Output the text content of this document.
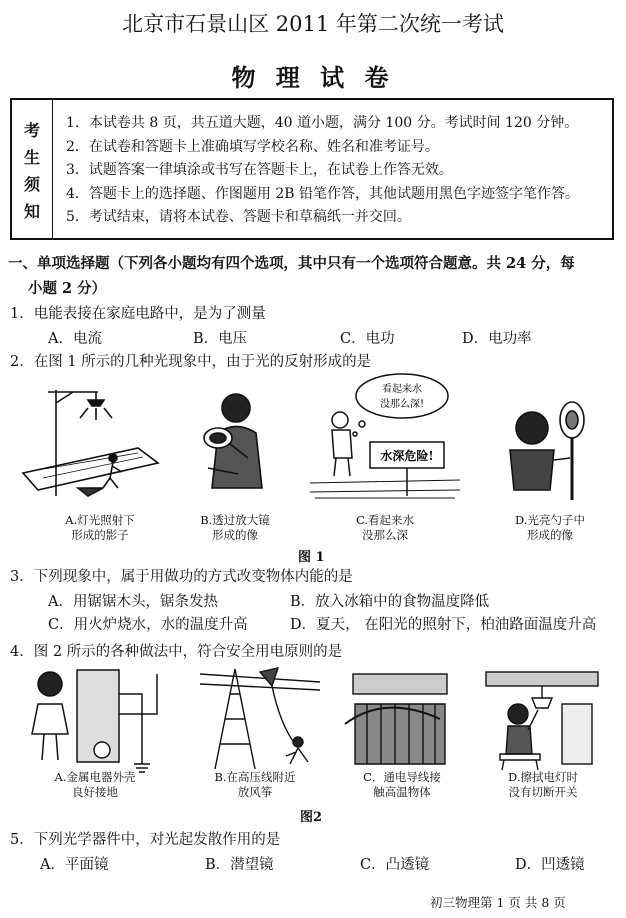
北京市石景山区 2011 年第二次统一考试
物 理 试 卷
考
生
须
知
1．本试卷共 8 页，共五道大题，40 道小题，满分 100 分。考试时间 120 分钟。
2．在试卷和答题卡上准确填写学校名称、姓名和准考证号。
3．试题答案一律填涂或书写在答题卡上，在试卷上作答无效。
4．答题卡上的选择题、作图题用 2B 铅笔作答，其他试题用黑色字迹签字笔作答。
5．考试结束，请将本试卷、答题卡和草稿纸一并交回。
一、单项选择题（下列各小题均有四个选项，其中只有一个选项符合题意。共 24 分，每
小题 2 分）
1．电能表接在家庭电路中，是为了测量
A．电流	B．电压	C．电功	D．电功率
2．在图 1 所示的几种光现象中，由于光的反射形成的是
看起来水
没那么深!
水深危险!
A.灯光照射下
形成的影子
B.透过放大镜
形成的像
C.看起来水
没那么深
D.光亮勺子中
形成的像
图 1
3．下列现象中，属于用做功的方式改变物体内能的是
A．用锯锯木头，锯条发热	B．放入冰箱中的食物温度降低
C．用火炉烧水，水的温度升高	D．夏天， 在阳光的照射下，柏油路面温度升高
4．图 2 所示的各种做法中，符合安全用电原则的是
A.金属电器外壳
良好接地
B.在高压线附近
放风筝
C．通电导线接
触高温物体
D.擦拭电灯时
没有切断开关
图2
5．下列光学器件中，对光起发散作用的是
A．平面镜	B．潜望镜	C．凸透镜	D．凹透镜
初三物理第 1 页 共 8 页
